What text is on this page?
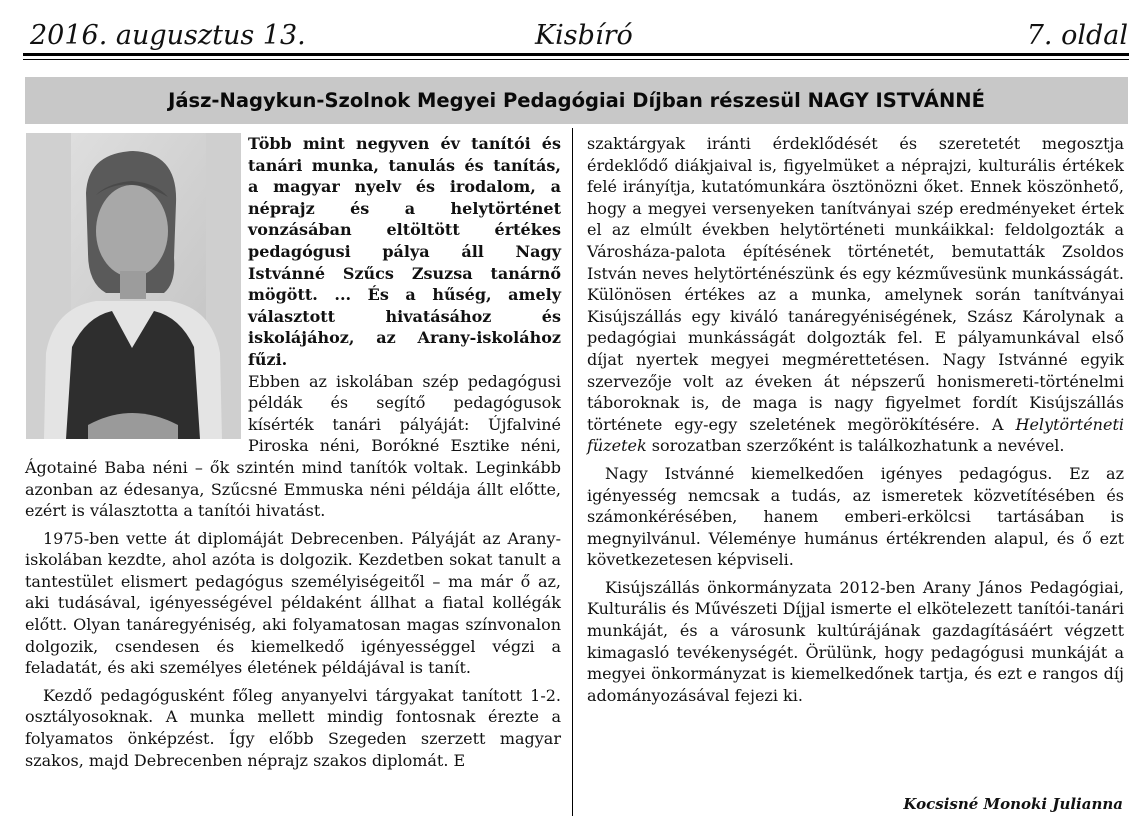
2016. augusztus 13.	Kisbíró	7. oldal
Jász-Nagykun-Szolnok Megyei Pedagógiai Díjban részesül NAGY ISTVÁNNÉ

Több mint negyven év tanítói és tanári munka, tanulás és tanítás, a magyar nyelv és irodalom, a néprajz és a helytörténet vonzásában eltöltött értékes pedagógusi pálya áll Nagy Istvánné Szűcs Zsuzsa tanárnő mögött. ... És a hűség, amely választott hivatásához és iskolájához, az Arany-iskolához fűzi.

Ebben az iskolában szép pedagógusi példák és segítő pedagógusok kísérték tanári pályáját: Újfalviné Piroska néni, Borókné Esztike néni, Ágotainé Baba néni – ők szintén mind tanítók voltak. Leginkább azonban az édesanya, Szűcsné Emmuska néni példája állt előtte, ezért is választotta a tanítói hivatást.

1975-ben vette át diplomáját Debrecenben. Pályáját az Arany-iskolában kezdte, ahol azóta is dolgozik. Kezdetben sokat tanult a tantestület elismert pedagógus személyiségeitől – ma már ő az, aki tudásával, igényességével példaként állhat a fiatal kollégák előtt. Olyan tanáregyéniség, aki folyamatosan magas színvonalon dolgozik, csendesen és kiemelkedő igényességgel végzi a feladatát, és aki személyes életének példájával is tanít.

Kezdő pedagógusként főleg anyanyelvi tárgyakat tanított 1-2. osztályosoknak. A munka mellett mindig fontosnak érezte a folyamatos önképzést. Így előbb Szegeden szerzett magyar szakos, majd Debrecenben néprajz szakos diplomát. E

szaktárgyak iránti érdeklődését és szeretetét megosztja érdeklődő diákjaival is, figyelmüket a néprajzi, kulturális értékek felé irányítja, kutatómunkára ösztönözni őket. Ennek köszönhető, hogy a megyei versenyeken tanítványai szép eredményeket értek el az elmúlt években helytörténeti munkáikkal: feldolgozták a Városháza-palota építésének történetét, bemutatták Zsoldos István neves helytörténészünk és egy kézművesünk munkásságát. Különösen értékes az a munka, amelynek során tanítványai Kisújszállás egy kiváló tanáregyéniségének, Szász Károlynak a pedagógiai munkásságát dolgozták fel. E pályamunkával első díjat nyertek megyei megmérettetésen. Nagy Istvánné egyik szervezője volt az éveken át népszerű honismereti-történelmi táboroknak is, de maga is nagy figyelmet fordít Kisújszállás története egy-egy szeletének megörökítésére. A Helytörténeti füzetek sorozatban szerzőként is találkozhatunk a nevével.

Nagy Istvánné kiemelkedően igényes pedagógus. Ez az igényesség nemcsak a tudás, az ismeretek közvetítésében és számonkérésében, hanem emberi-erkölcsi tartásában is megnyilvánul. Véleménye humánus értékrenden alapul, és ő ezt következetesen képviseli.

Kisújszállás önkormányzata 2012-ben Arany János Pedagógiai, Kulturális és Művészeti Díjjal ismerte el elkötelezett tanítói-tanári munkáját, és a városunk kultúrájának gazdagításáért végzett kimagasló tevékenységét. Örülünk, hogy pedagógusi munkáját a megyei önkormányzat is kiemelkedőnek tartja, és ezt e rangos díj adományozásával fejezi ki.

Kocsisné Monoki Julianna
